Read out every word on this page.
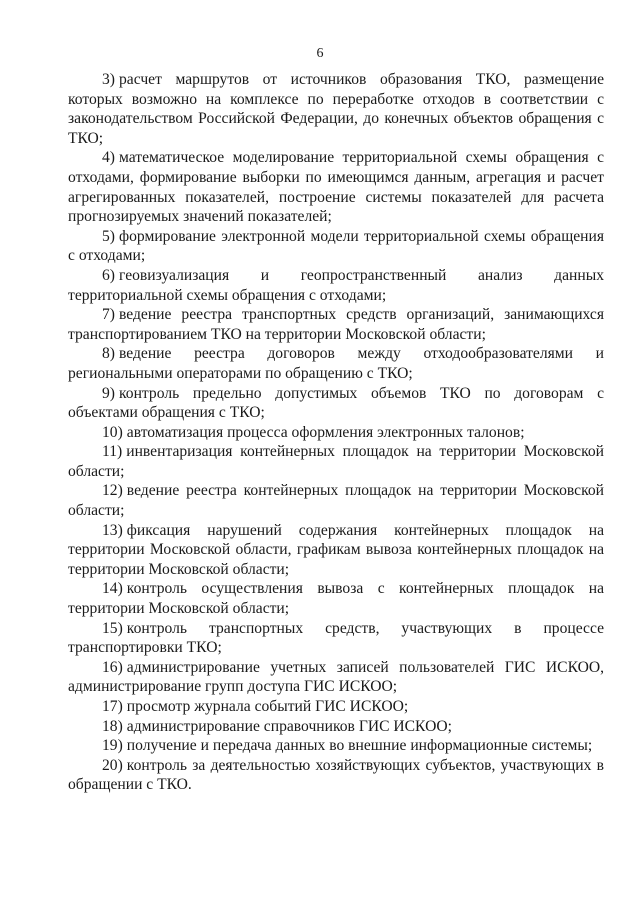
6

3) расчет маршрутов от источников образования ТКО, размещение которых возможно на комплексе по переработке отходов в соответствии с законодательством Российской Федерации, до конечных объектов обращения с ТКО;

4) математическое моделирование территориальной схемы обращения с отходами, формирование выборки по имеющимся данным, агрегация и расчет агрегированных показателей, построение системы показателей для расчета прогнозируемых значений показателей;

5) формирование электронной модели территориальной схемы обращения с отходами;

6) геовизуализация и геопространственный анализ данных территориальной схемы обращения с отходами;

7) ведение реестра транспортных средств организаций, занимающихся транспортированием ТКО на территории Московской области;

8) ведение реестра договоров между отходообразователями и региональными операторами по обращению с ТКО;

9) контроль предельно допустимых объемов ТКО по договорам с объектами обращения с ТКО;

10) автоматизация процесса оформления электронных талонов;

11) инвентаризация контейнерных площадок на территории Московской области;

12) ведение реестра контейнерных площадок на территории Московской области;

13) фиксация нарушений содержания контейнерных площадок на территории Московской области, графикам вывоза контейнерных площадок на территории Московской области;

14) контроль осуществления вывоза с контейнерных площадок на территории Московской области;

15) контроль транспортных средств, участвующих в процессе транспортировки ТКО;

16) администрирование учетных записей пользователей ГИС ИСКОО, администрирование групп доступа ГИС ИСКОО;

17) просмотр журнала событий ГИС ИСКОО;

18) администрирование справочников ГИС ИСКОО;

19) получение и передача данных во внешние информационные системы;

20) контроль за деятельностью хозяйствующих субъектов, участвующих в обращении с ТКО.
